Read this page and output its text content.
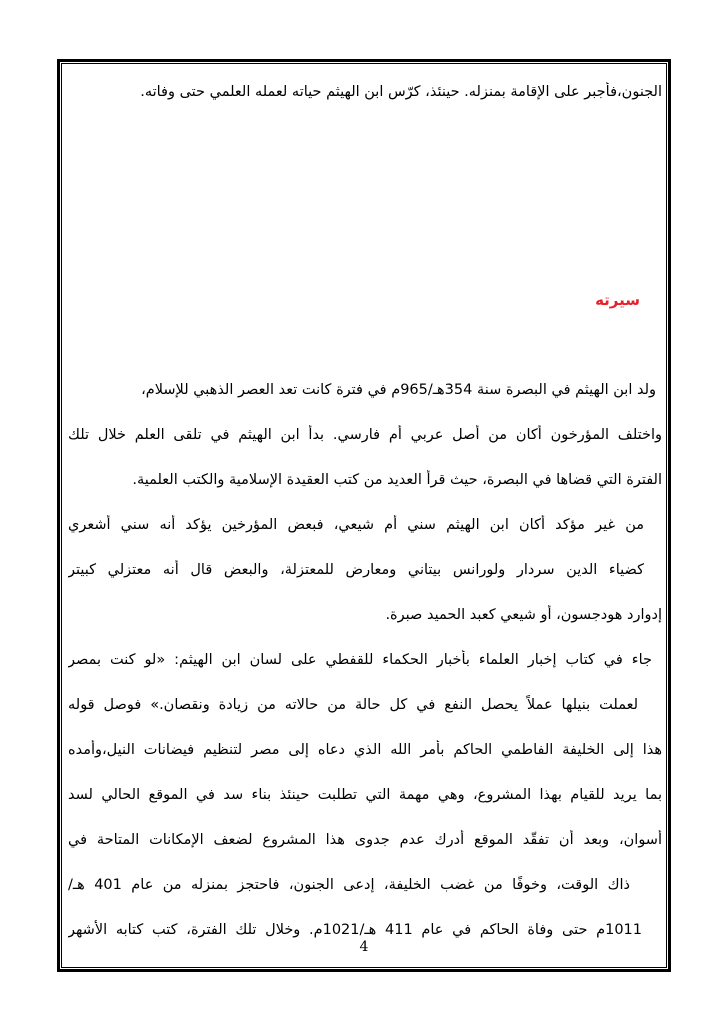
الجنون،فأُجبر على الإقامة بمنزله. حينئذ، كرّس ابن الهيثم حياته لعمله العلمي حتى وفاته.
سيرته
ولد ابن الهيثم في البصرة سنة 354هـ/965م في فترة كانت تعد العصر الذهبي للإسلام،
واختلف المؤرخون أكان من أصل عربي أم فارسي. بدأ ابن الهيثم في تلقى العلم خلال تلك
الفترة التي قضاها في البصرة، حيث قرأ العديد من كتب العقيدة الإسلامية والكتب العلمية.
من غير مؤكد أكان ابن الهيثم سني أم شيعي، فبعض المؤرخين يؤكد أنه سني أشعري
كضياء الدين سردار ولورانس بيتاني ومعارض للمعتزلة، والبعض قال أنه معتزلي كبيتر
إدوارد هودجسون، أو شيعي كعبد الحميد صبرة.
جاء في كتاب إخبار العلماء بأخبار الحكماء للقفطي على لسان ابن الهيثم: «لو كنت بمصر
لعملت بنيلها عملاً يحصل النفع في كل حالة من حالاته من زيادة ونقصان.» فوصل قوله
هذا إلى الخليفة الفاطمي الحاكم بأمر الله الذي دعاه إلى مصر لتنظيم فيضانات النيل،وأمده
بما يريد للقيام بهذا المشروع، وهي مهمة التي تطلبت حينئذ بناء سد في الموقع الحالي لسد
أسوان، وبعد أن تفقّد الموقع أدرك عدم جدوى هذا المشروع لضعف الإمكانات المتاحة في
ذاك الوقت، وخوفًا من غضب الخليفة، إدعى الجنون، فاحتجز بمنزله من عام 401 هـ/
1011م حتى وفاة الحاكم في عام 411 هـ/1021م. وخلال تلك الفترة، كتب كتابه الأشهر
4
